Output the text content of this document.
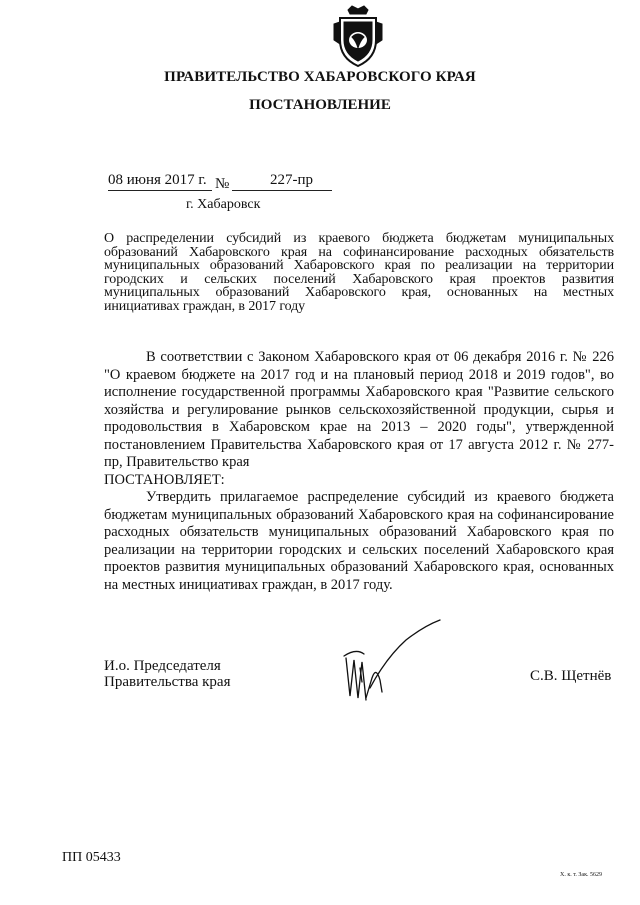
ПРАВИТЕЛЬСТВО ХАБАРОВСКОГО КРАЯ
ПОСТАНОВЛЕНИЕ
08 июня 2017 г. №	227-пр
г. Хабаровск
О распределении субсидий из краевого бюджета бюджетам муниципальных образований Хабаровского края на софинансирование расходных обязательств муниципальных образований Хабаровского края по реализации на территории городских и сельских поселений Хабаровского края проектов развития муниципальных образований Хабаровского края, основанных на местных инициативах граждан, в 2017 году
В соответствии с Законом Хабаровского края от 06 декабря 2016 г. № 226 "О краевом бюджете на 2017 год и на плановый период 2018 и 2019 годов", во исполнение государственной программы Хабаровского края "Развитие сельского хозяйства и регулирование рынков сельскохозяйственной продукции, сырья и продовольствия в Хабаровском крае на 2013 – 2020 годы", утвержденной постановлением Правительства Хабаровского края от 17 августа 2012 г. № 277-пр, Правительство края
ПОСТАНОВЛЯЕТ:
Утвердить прилагаемое распределение субсидий из краевого бюджета бюджетам муниципальных образований Хабаровского края на софинансирование расходных обязательств муниципальных образований Хабаровского края по реализации на территории городских и сельских поселений Хабаровского края проектов развития муниципальных образований Хабаровского края, основанных на местных инициативах граждан, в 2017 году.
И.о. Председателя
Правительства края	С.В. Щетнёв
ПП 05433
Х. к. т. Зак. 5629
